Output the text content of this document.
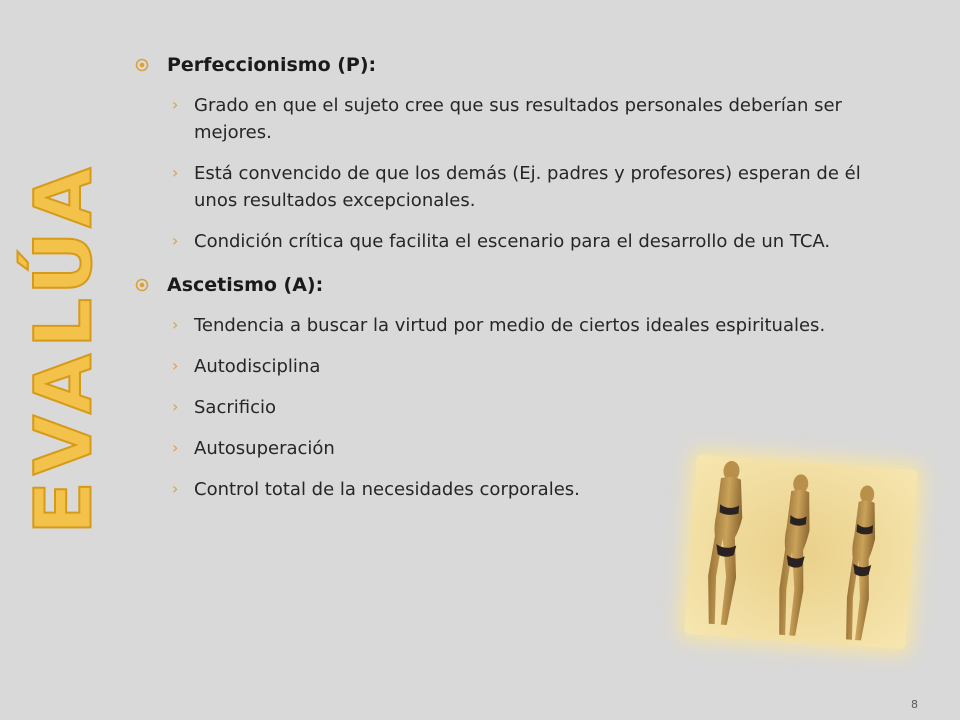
EVALÚA
Perfeccionismo (P):
› Grado en que el sujeto cree que sus resultados personales deberían ser mejores.
› Está convencido de que los demás (Ej. padres y profesores) esperan de él unos resultados excepcionales.
› Condición crítica que facilita el escenario para el desarrollo de un TCA.
Ascetismo (A):
› Tendencia a buscar la virtud por medio de ciertos ideales espirituales.
› Autodisciplina
› Sacrificio
› Autosuperación
› Control total de la necesidades corporales.
8
